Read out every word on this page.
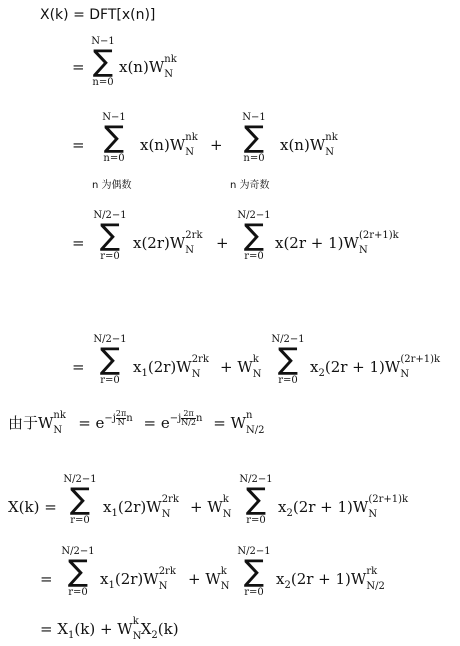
X(k) = DFT[x(n)]
=
N−1
∑
n=0
x(n)W nk
N
=
N−1
∑
n=0
n 为偶数
x(n)W nk
N +
N−1
∑
n=0
n 为奇数
x(n)W nk
N
=
N/2−1
∑
r=0
x(2r)W 2rk
N +
N/2−1
∑
r=0
x(2r + 1)W (2r+1)k
N
=
N/2−1
∑
r=0
$x_1(2r)W$ 2rk
N + W k
N
N/2−1
∑
r=0
$x_2(2r + 1)W$ (2r+1)k
N
由于W nk
$N = e^{-j \frac{2\pi}{N} n} = e^{-j \frac{2\pi}{N/2} n} = W$ n
N/2
X(k) =
N/2−1
∑
r=0
$x_1(2r)W$ 2rk
N + W k
N
N/2−1
∑
r=0
$x_2(2r + 1)W$ (2r+1)k
N
=
N/2−1
∑
r=0
$x_1(2r)W$ 2rk
N + W k
N
N/2−1
∑
r=0
$x_2(2r + 1)W$ rk
N/2
= $X_1(k) + W$ k
N $X_2(k)$
